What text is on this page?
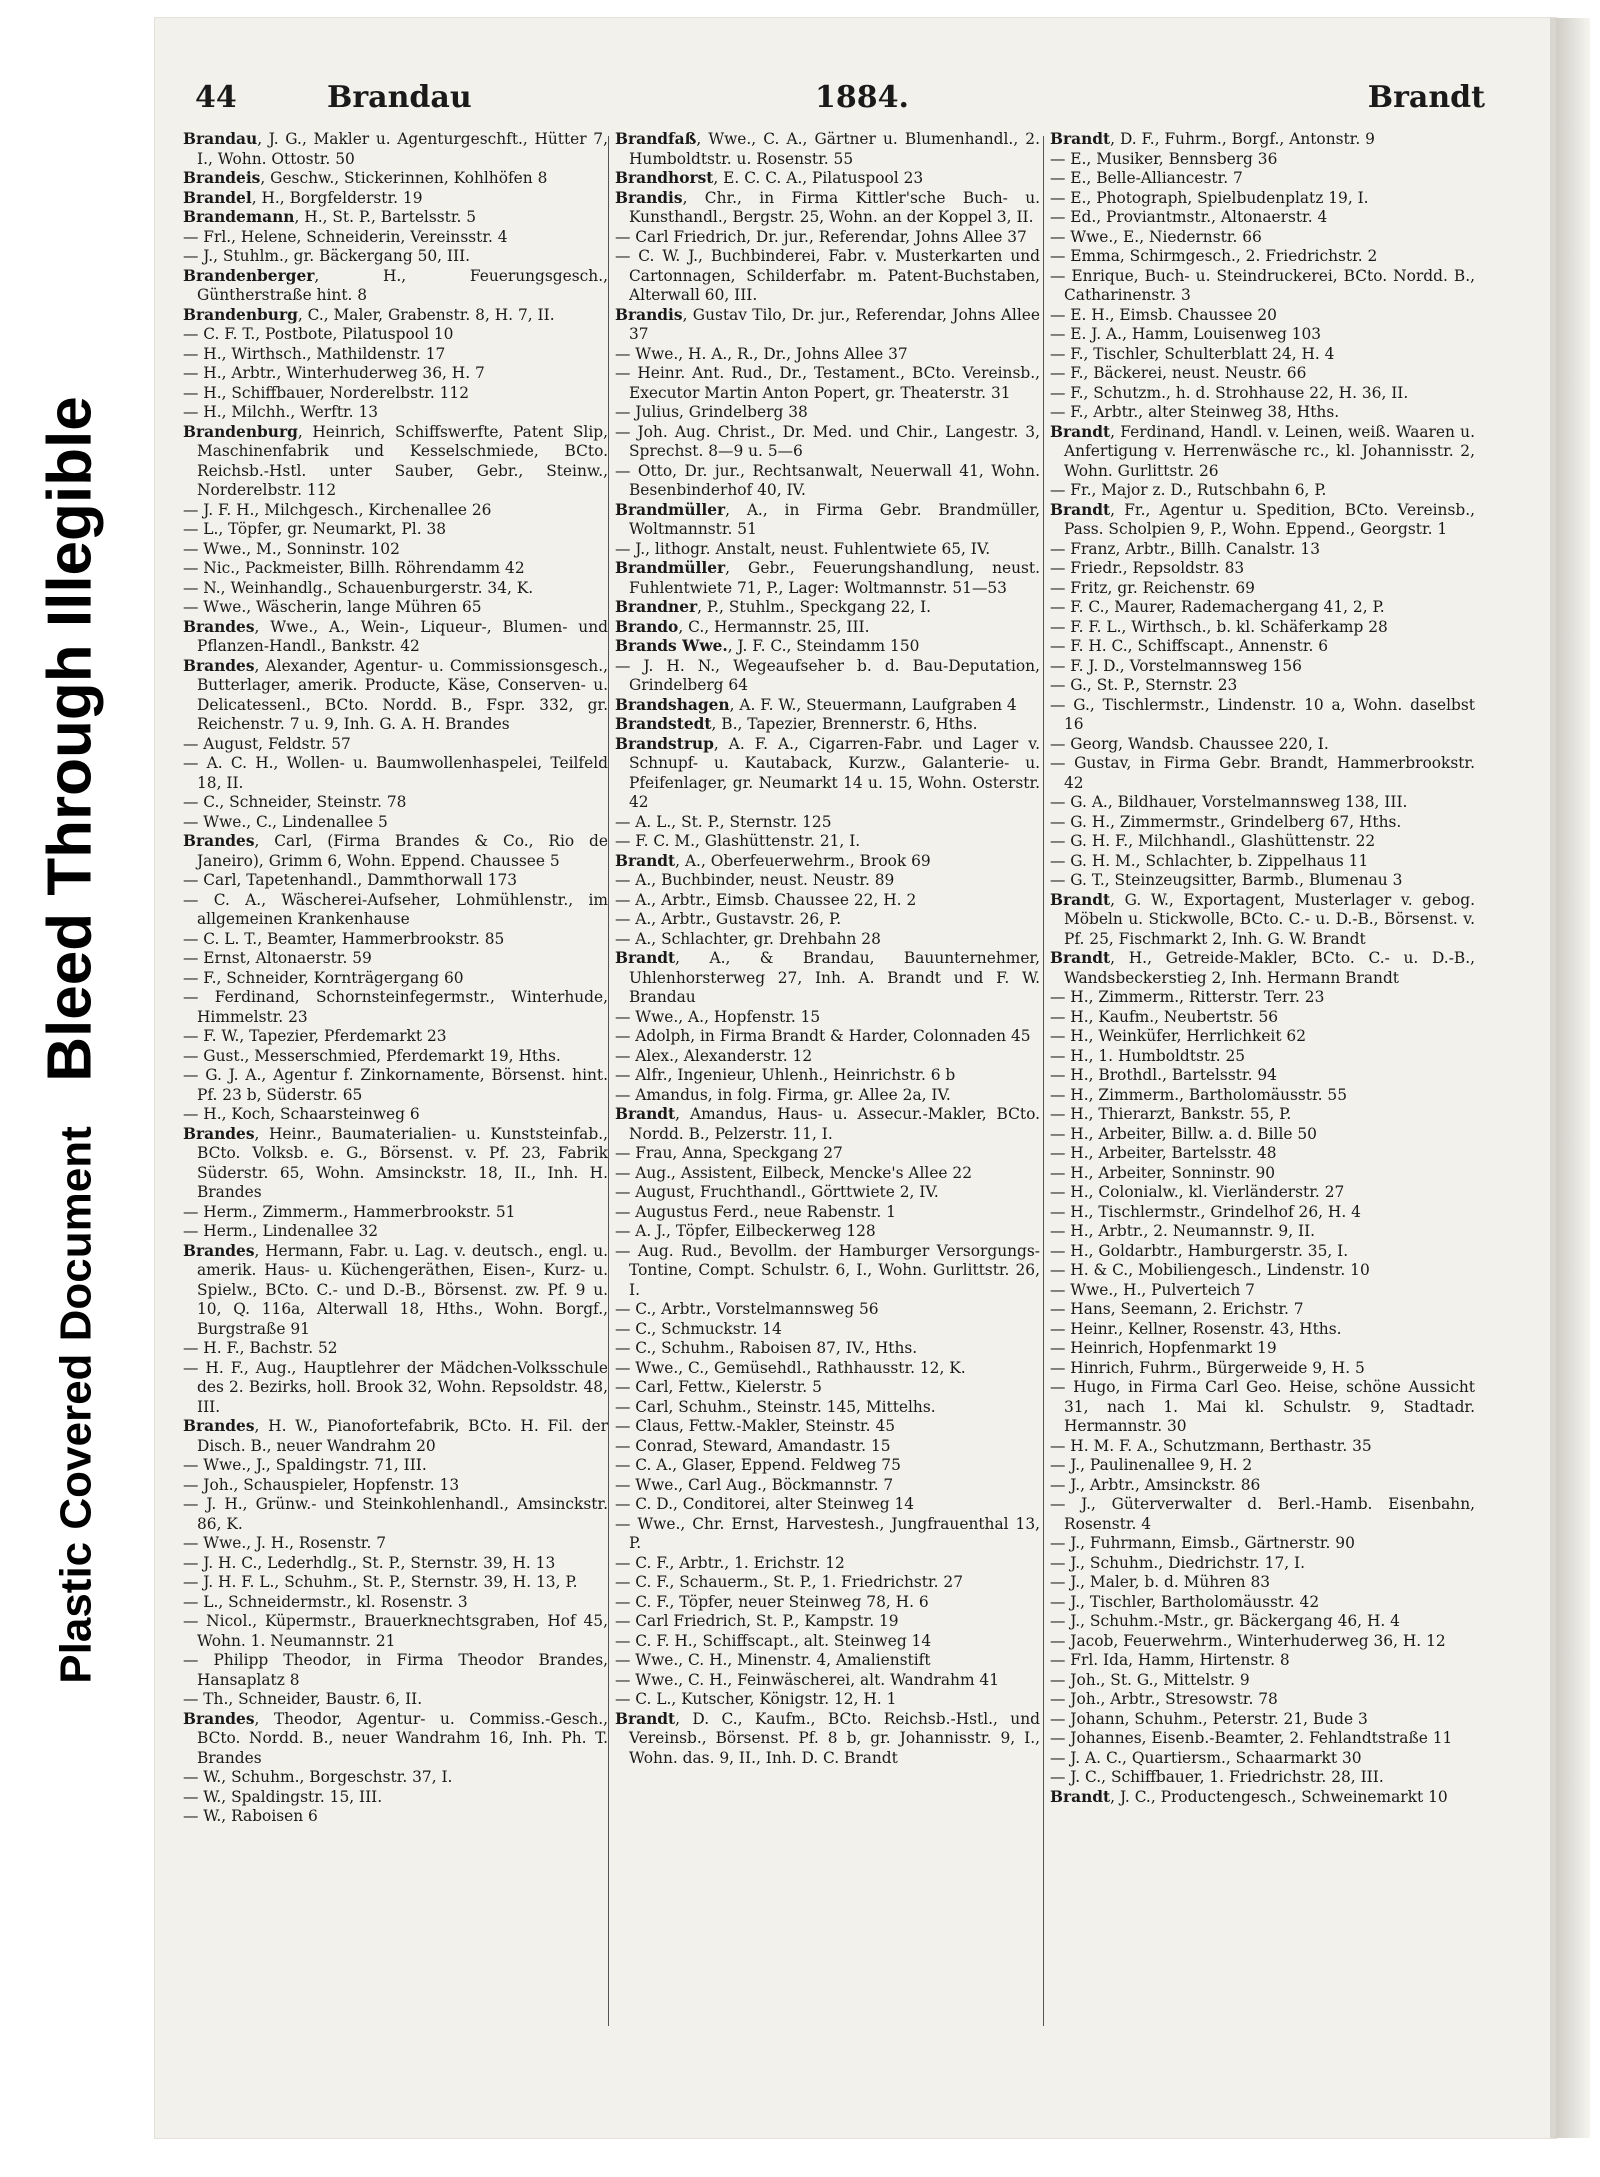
Plastic Covered Document Bleed Through Illegible
44	Brandau	1884.	Brandt

Brandau, J. G., Makler u. Agenturgeschft., Hütter 7, I., Wohn. Ottostr. 50

Brandeis, Geschw., Stickerinnen, Kohlhöfen 8

Brandel, H., Borgfelderstr. 19

Brandemann, H., St. P., Bartelsstr. 5

— Frl., Helene, Schneiderin, Vereinsstr. 4

— J., Stuhlm., gr. Bäckergang 50, III.

Brandenberger, H., Feuerungsgesch., Güntherstraße hint. 8

Brandenburg, C., Maler, Grabenstr. 8, H. 7, II.

— C. F. T., Postbote, Pilatuspool 10

— H., Wirthsch., Mathildenstr. 17

— H., Arbtr., Winterhuderweg 36, H. 7

— H., Schiffbauer, Norderelbstr. 112

— H., Milchh., Werftr. 13

Brandenburg, Heinrich, Schiffswerfte, Patent Slip, Maschinenfabrik und Kesselschmiede, BCto. Reichsb.-Hstl. unter Sauber, Gebr., Steinw., Norderelbstr. 112

— J. F. H., Milchgesch., Kirchenallee 26

— L., Töpfer, gr. Neumarkt, Pl. 38

— Wwe., M., Sonninstr. 102

— Nic., Packmeister, Billh. Röhrendamm 42

— N., Weinhandlg., Schauenburgerstr. 34, K.

— Wwe., Wäscherin, lange Mühren 65

Brandes, Wwe., A., Wein-, Liqueur-, Blumen- und Pflanzen-Handl., Bankstr. 42

Brandes, Alexander, Agentur- u. Commissionsgesch., Butterlager, amerik. Producte, Käse, Conserven- u. Delicatessenl., BCto. Nordd. B., Fspr. 332, gr. Reichenstr. 7 u. 9, Inh. G. A. H. Brandes

— August, Feldstr. 57

— A. C. H., Wollen- u. Baumwollenhaspelei, Teilfeld 18, II.

— C., Schneider, Steinstr. 78

— Wwe., C., Lindenallee 5

Brandes, Carl, (Firma Brandes & Co., Rio de Janeiro), Grimm 6, Wohn. Eppend. Chaussee 5

— Carl, Tapetenhandl., Dammthorwall 173

— C. A., Wäscherei-Aufseher, Lohmühlenstr., im allgemeinen Krankenhause

— C. L. T., Beamter, Hammerbrookstr. 85

— Ernst, Altonaerstr. 59

— F., Schneider, Kornträgergang 60

— Ferdinand, Schornsteinfegermstr., Winterhude, Himmelstr. 23

— F. W., Tapezier, Pferdemarkt 23

— Gust., Messerschmied, Pferdemarkt 19, Hths.

— G. J. A., Agentur f. Zinkornamente, Börsenst. hint. Pf. 23 b, Süderstr. 65

— H., Koch, Schaarsteinweg 6

Brandes, Heinr., Baumaterialien- u. Kunststeinfab., BCto. Volksb. e. G., Börsenst. v. Pf. 23, Fabrik Süderstr. 65, Wohn. Amsinckstr. 18, II., Inh. H. Brandes

— Herm., Zimmerm., Hammerbrookstr. 51

— Herm., Lindenallee 32

Brandes, Hermann, Fabr. u. Lag. v. deutsch., engl. u. amerik. Haus- u. Küchengeräthen, Eisen-, Kurz- u. Spielw., BCto. C.- und D.-B., Börsenst. zw. Pf. 9 u. 10, Q. 116a, Alterwall 18, Hths., Wohn. Borgf., Burgstraße 91

— H. F., Bachstr. 52

— H. F., Aug., Hauptlehrer der Mädchen-Volksschule des 2. Bezirks, holl. Brook 32, Wohn. Repsoldstr. 48, III.

Brandes, H. W., Pianofortefabrik, BCto. H. Fil. der Disch. B., neuer Wandrahm 20

— Wwe., J., Spaldingstr. 71, III.

— Joh., Schauspieler, Hopfenstr. 13

— J. H., Grünw.- und Steinkohlenhandl., Amsinckstr. 86, K.

— Wwe., J. H., Rosenstr. 7

— J. H. C., Lederhdlg., St. P., Sternstr. 39, H. 13

— J. H. F. L., Schuhm., St. P., Sternstr. 39, H. 13, P.

— L., Schneidermstr., kl. Rosenstr. 3

— Nicol., Küpermstr., Brauerknechtsgraben, Hof 45, Wohn. 1. Neumannstr. 21

— Philipp Theodor, in Firma Theodor Brandes, Hansaplatz 8

— Th., Schneider, Baustr. 6, II.

Brandes, Theodor, Agentur- u. Commiss.-Gesch., BCto. Nordd. B., neuer Wandrahm 16, Inh. Ph. T. Brandes

— W., Schuhm., Borgeschstr. 37, I.

— W., Spaldingstr. 15, III.

— W., Raboisen 6

Brandfaß, Wwe., C. A., Gärtner u. Blumenhandl., 2. Humboldtstr. u. Rosenstr. 55

Brandhorst, E. C. C. A., Pilatuspool 23

Brandis, Chr., in Firma Kittler'sche Buch- u. Kunsthandl., Bergstr. 25, Wohn. an der Koppel 3, II.

— Carl Friedrich, Dr. jur., Referendar, Johns Allee 37

— C. W. J., Buchbinderei, Fabr. v. Musterkarten und Cartonnagen, Schilderfabr. m. Patent-Buchstaben, Alterwall 60, III.

Brandis, Gustav Tilo, Dr. jur., Referendar, Johns Allee 37

— Wwe., H. A., R., Dr., Johns Allee 37

— Heinr. Ant. Rud., Dr., Testament., BCto. Vereinsb., Executor Martin Anton Popert, gr. Theaterstr. 31

— Julius, Grindelberg 38

— Joh. Aug. Christ., Dr. Med. und Chir., Langestr. 3, Sprechst. 8—9 u. 5—6

— Otto, Dr. jur., Rechtsanwalt, Neuerwall 41, Wohn. Besenbinderhof 40, IV.

Brandmüller, A., in Firma Gebr. Brandmüller, Woltmannstr. 51

— J., lithogr. Anstalt, neust. Fuhlentwiete 65, IV.

Brandmüller, Gebr., Feuerungshandlung, neust. Fuhlentwiete 71, P., Lager: Woltmannstr. 51—53

Brandner, P., Stuhlm., Speckgang 22, I.

Brando, C., Hermannstr. 25, III.

Brands Wwe., J. F. C., Steindamm 150

— J. H. N., Wegeaufseher b. d. Bau-Deputation, Grindelberg 64

Brandshagen, A. F. W., Steuermann, Laufgraben 4

Brandstedt, B., Tapezier, Brennerstr. 6, Hths.

Brandstrup, A. F. A., Cigarren-Fabr. und Lager v. Schnupf- u. Kautaback, Kurzw., Galanterie- u. Pfeifenlager, gr. Neumarkt 14 u. 15, Wohn. Osterstr. 42

— A. L., St. P., Sternstr. 125

— F. C. M., Glashüttenstr. 21, I.

Brandt, A., Oberfeuerwehrm., Brook 69

— A., Buchbinder, neust. Neustr. 89

— A., Arbtr., Eimsb. Chaussee 22, H. 2

— A., Arbtr., Gustavstr. 26, P.

— A., Schlachter, gr. Drehbahn 28

Brandt, A., & Brandau, Bauunternehmer, Uhlenhorsterweg 27, Inh. A. Brandt und F. W. Brandau

— Wwe., A., Hopfenstr. 15

— Adolph, in Firma Brandt & Harder, Colonnaden 45

— Alex., Alexanderstr. 12

— Alfr., Ingenieur, Uhlenh., Heinrichstr. 6 b

— Amandus, in folg. Firma, gr. Allee 2a, IV.

Brandt, Amandus, Haus- u. Assecur.-Makler, BCto. Nordd. B., Pelzerstr. 11, I.

— Frau, Anna, Speckgang 27

— Aug., Assistent, Eilbeck, Mencke's Allee 22

— August, Fruchthandl., Görttwiete 2, IV.

— Augustus Ferd., neue Rabenstr. 1

— A. J., Töpfer, Eilbeckerweg 128

— Aug. Rud., Bevollm. der Hamburger Versorgungs-Tontine, Compt. Schulstr. 6, I., Wohn. Gurlittstr. 26, I.

— C., Arbtr., Vorstelmannsweg 56

— C., Schmuckstr. 14

— C., Schuhm., Raboisen 87, IV., Hths.

— Wwe., C., Gemüsehdl., Rathhausstr. 12, K.

— Carl, Fettw., Kielerstr. 5

— Carl, Schuhm., Steinstr. 145, Mittelhs.

— Claus, Fettw.-Makler, Steinstr. 45

— Conrad, Steward, Amandastr. 15

— C. A., Glaser, Eppend. Feldweg 75

— Wwe., Carl Aug., Böckmannstr. 7

— C. D., Conditorei, alter Steinweg 14

— Wwe., Chr. Ernst, Harvestesh., Jungfrauenthal 13, P.

— C. F., Arbtr., 1. Erichstr. 12

— C. F., Schauerm., St. P., 1. Friedrichstr. 27

— C. F., Töpfer, neuer Steinweg 78, H. 6

— Carl Friedrich, St. P., Kampstr. 19

— C. F. H., Schiffscapt., alt. Steinweg 14

— Wwe., C. H., Minenstr. 4, Amalienstift

— Wwe., C. H., Feinwäscherei, alt. Wandrahm 41

— C. L., Kutscher, Königstr. 12, H. 1

Brandt, D. C., Kaufm., BCto. Reichsb.-Hstl., und Vereinsb., Börsenst. Pf. 8 b, gr. Johannisstr. 9, I., Wohn. das. 9, II., Inh. D. C. Brandt

Brandt, D. F., Fuhrm., Borgf., Antonstr. 9

— E., Musiker, Bennsberg 36

— E., Belle-Alliancestr. 7

— E., Photograph, Spielbudenplatz 19, I.

— Ed., Proviantmstr., Altonaerstr. 4

— Wwe., E., Niedernstr. 66

— Emma, Schirmgesch., 2. Friedrichstr. 2

— Enrique, Buch- u. Steindruckerei, BCto. Nordd. B., Catharinenstr. 3

— E. H., Eimsb. Chaussee 20

— E. J. A., Hamm, Louisenweg 103

— F., Tischler, Schulterblatt 24, H. 4

— F., Bäckerei, neust. Neustr. 66

— F., Schutzm., h. d. Strohhause 22, H. 36, II.

— F., Arbtr., alter Steinweg 38, Hths.

Brandt, Ferdinand, Handl. v. Leinen, weiß. Waaren u. Anfertigung v. Herrenwäsche rc., kl. Johannisstr. 2, Wohn. Gurlittstr. 26

— Fr., Major z. D., Rutschbahn 6, P.

Brandt, Fr., Agentur u. Spedition, BCto. Vereinsb., Pass. Scholpien 9, P., Wohn. Eppend., Georgstr. 1

— Franz, Arbtr., Billh. Canalstr. 13

— Friedr., Repsoldstr. 83

— Fritz, gr. Reichenstr. 69

— F. C., Maurer, Rademachergang 41, 2, P.

— F. F. L., Wirthsch., b. kl. Schäferkamp 28

— F. H. C., Schiffscapt., Annenstr. 6

— F. J. D., Vorstelmannsweg 156

— G., St. P., Sternstr. 23

— G., Tischlermstr., Lindenstr. 10 a, Wohn. daselbst 16

— Georg, Wandsb. Chaussee 220, I.

— Gustav, in Firma Gebr. Brandt, Hammerbrookstr. 42

— G. A., Bildhauer, Vorstelmannsweg 138, III.

— G. H., Zimmermstr., Grindelberg 67, Hths.

— G. H. F., Milchhandl., Glashüttenstr. 22

— G. H. M., Schlachter, b. Zippelhaus 11

— G. T., Steinzeugsitter, Barmb., Blumenau 3

Brandt, G. W., Exportagent, Musterlager v. gebog. Möbeln u. Stickwolle, BCto. C.- u. D.-B., Börsenst. v. Pf. 25, Fischmarkt 2, Inh. G. W. Brandt

Brandt, H., Getreide-Makler, BCto. C.- u. D.-B., Wandsbeckerstieg 2, Inh. Hermann Brandt

— H., Zimmerm., Ritterstr. Terr. 23

— H., Kaufm., Neubertstr. 56

— H., Weinküfer, Herrlichkeit 62

— H., 1. Humboldtstr. 25

— H., Brothdl., Bartelsstr. 94

— H., Zimmerm., Bartholomäusstr. 55

— H., Thierarzt, Bankstr. 55, P.

— H., Arbeiter, Billw. a. d. Bille 50

— H., Arbeiter, Bartelsstr. 48

— H., Arbeiter, Sonninstr. 90

— H., Colonialw., kl. Vierländerstr. 27

— H., Tischlermstr., Grindelhof 26, H. 4

— H., Arbtr., 2. Neumannstr. 9, II.

— H., Goldarbtr., Hamburgerstr. 35, I.

— H. & C., Mobiliengesch., Lindenstr. 10

— Wwe., H., Pulverteich 7

— Hans, Seemann, 2. Erichstr. 7

— Heinr., Kellner, Rosenstr. 43, Hths.

— Heinrich, Hopfenmarkt 19

— Hinrich, Fuhrm., Bürgerweide 9, H. 5

— Hugo, in Firma Carl Geo. Heise, schöne Aussicht 31, nach 1. Mai kl. Schulstr. 9, Stadtadr. Hermannstr. 30

— H. M. F. A., Schutzmann, Berthastr. 35

— J., Paulinenallee 9, H. 2

— J., Arbtr., Amsinckstr. 86

— J., Güterverwalter d. Berl.-Hamb. Eisenbahn, Rosenstr. 4

— J., Fuhrmann, Eimsb., Gärtnerstr. 90

— J., Schuhm., Diedrichstr. 17, I.

— J., Maler, b. d. Mühren 83

— J., Tischler, Bartholomäusstr. 42

— J., Schuhm.-Mstr., gr. Bäckergang 46, H. 4

— Jacob, Feuerwehrm., Winterhuderweg 36, H. 12

— Frl. Ida, Hamm, Hirtenstr. 8

— Joh., St. G., Mittelstr. 9

— Joh., Arbtr., Stresowstr. 78

— Johann, Schuhm., Peterstr. 21, Bude 3

— Johannes, Eisenb.-Beamter, 2. Fehlandtstraße 11

— J. A. C., Quartiersm., Schaarmarkt 30

— J. C., Schiffbauer, 1. Friedrichstr. 28, III.

Brandt, J. C., Productengesch., Schweinemarkt 10
